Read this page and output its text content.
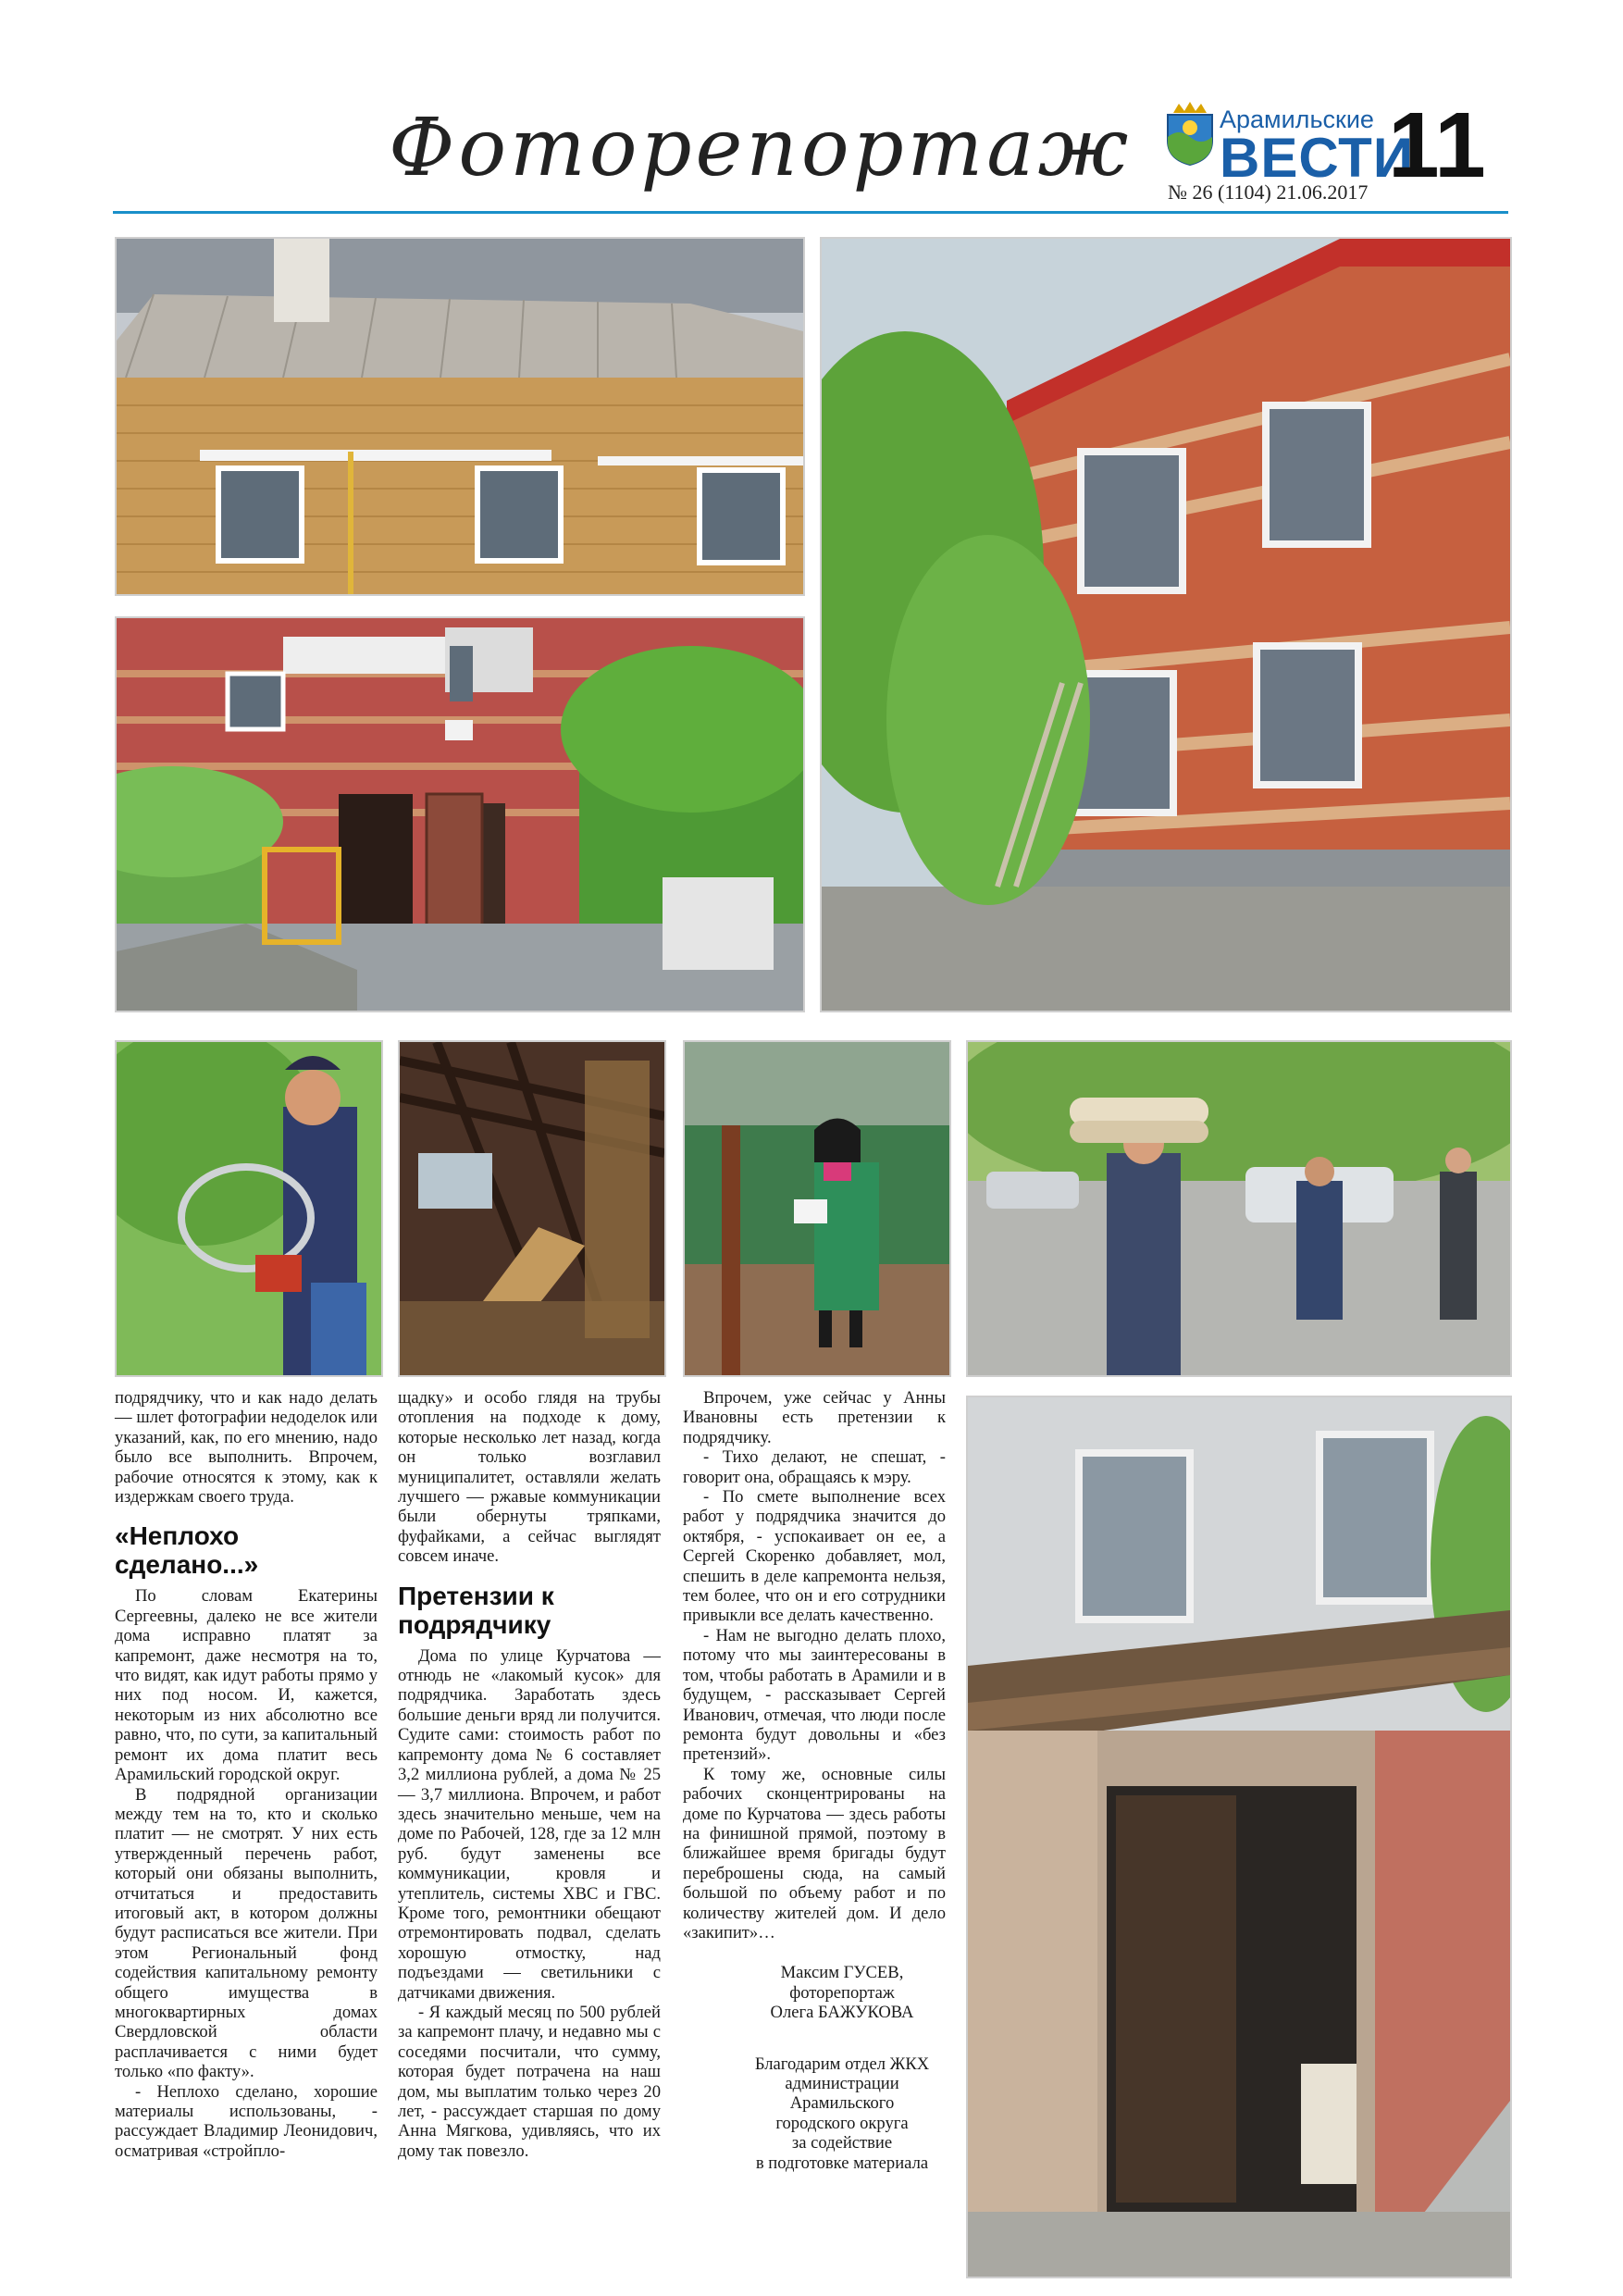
Фоторепортаж	Арамильские
ВЕСТИ
11
№ 26 (1104) 21.06.2017

подрядчику, что и как надо делать — шлет фотографии недоделок или указаний, как, по его мнению, надо было все выполнить. Впрочем, рабочие относятся к этому, как к издержкам своего труда.

«Неплохо сделано...»

По словам Екатерины Сергеевны, далеко не все жители дома исправно платят за капремонт, даже несмотря на то, что видят, как идут работы прямо у них под носом. И, кажется, некоторым из них абсолютно все равно, что, по сути, за капитальный ремонт их дома платит весь Арамильский городской округ.

В подрядной организации между тем на то, кто и сколько платит — не смотрят. У них есть утвержденный перечень работ, который они обязаны выполнить, отчитаться и предоставить итоговый акт, в котором должны будут расписаться все жители. При этом Региональный фонд содействия капитальному ремонту общего имущества в многоквартирных домах Свердловской области расплачивается с ними будет только «по факту».

- Неплохо сделано, хорошие материалы использованы, - рассуждает Владимир Леонидович, осматривая «стройпло-

щадку» и особо глядя на трубы отопления на подходе к дому, которые несколько лет назад, когда он только возглавил муниципалитет, оставляли желать лучшего — ржавые коммуникации были обернуты тряпками, фуфайками, а сейчас выглядят совсем иначе.

Претензии к подрядчику

Дома по улице Курчатова — отнюдь не «лакомый кусок» для подрядчика. Заработать здесь большие деньги вряд ли получится. Судите сами: стоимость работ по капремонту дома № 6 составляет 3,2 миллиона рублей, а дома № 25 — 3,7 миллиона. Впрочем, и работ здесь значительно меньше, чем на доме по Рабочей, 128, где за 12 млн руб. будут заменены все коммуникации, кровля и утеплитель, системы ХВС и ГВС. Кроме того, ремонтники обещают отремонтировать подвал, сделать хорошую отмостку, над подъездами — светильники с датчиками движения.

- Я каждый месяц по 500 рублей за капремонт плачу, и недавно мы с соседями посчитали, что сумму, которая будет потрачена на наш дом, мы выплатим только через 20 лет, - рассуждает старшая по дому Анна Мягкова, удивляясь, что их дому так повезло.

Впрочем, уже сейчас у Анны Ивановны есть претензии к подрядчику.

- Тихо делают, не спешат, - говорит она, обращаясь к мэру.

- По смете выполнение всех работ у подрядчика значится до октября, - успокаивает он ее, а Сергей Скоренко добавляет, мол, спешить в деле капремонта нельзя, тем более, что он и его сотрудники привыкли все делать качественно.

- Нам не выгодно делать плохо, потому что мы заинтересованы в том, чтобы работать в Арамили и в будущем, - рассказывает Сергей Иванович, отмечая, что люди после ремонта будут довольны и «без претензий».

К тому же, основные силы рабочих сконцентрированы на доме по Курчатова — здесь работы на финишной прямой, поэтому в ближайшее время бригады будут переброшены сюда, на самый большой по объему работ и по количеству жителей дом. И дело «закипит»…

Максим ГУСЕВ,
фоторепортаж
Олега БАЖУКОВА
Благодарим отдел ЖКХ
администрации
Арамильского
городского округа
за содействие
в подготовке материала
